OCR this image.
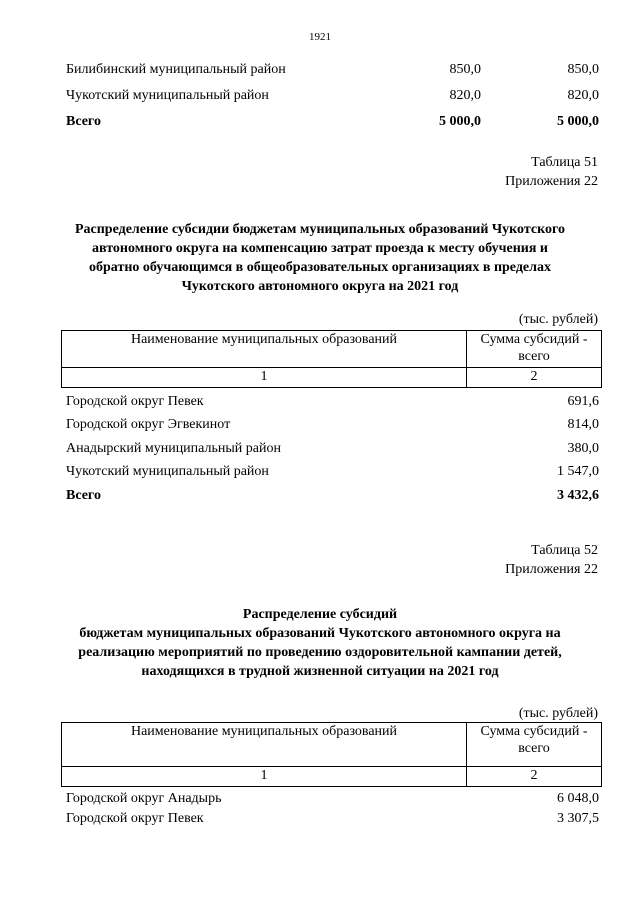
1921
Билибинский муниципальный район	850,0	850,0
Чукотский муниципальный район	820,0	820,0
Всего	5 000,0	5 000,0
Таблица 51
Приложения 22
Распределение субсидии бюджетам муниципальных образований Чукотского
автономного округа на компенсацию затрат проезда к месту обучения и
обратно обучающимся в общеобразовательных организациях в пределах
Чукотского автономного округа на 2021 год
(тыс. рублей)
Наименование муниципальных образований	Сумма субсидий -
всего

1	2
Городской округ Певек	691,6
Городской округ Эгвекинот	814,0
Анадырский муниципальный район	380,0
Чукотский муниципальный район	1 547,0
Всего	3 432,6
Таблица 52
Приложения 22
Распределение субсидий
бюджетам муниципальных образований Чукотского автономного округа на
реализацию мероприятий по проведению оздоровительной кампании детей,
находящихся в трудной жизненной ситуации на 2021 год
(тыс. рублей)
Наименование муниципальных образований	Сумма субсидий -
всего

1	2
Городской округ Анадырь	6 048,0
Городской округ Певек	3 307,5
